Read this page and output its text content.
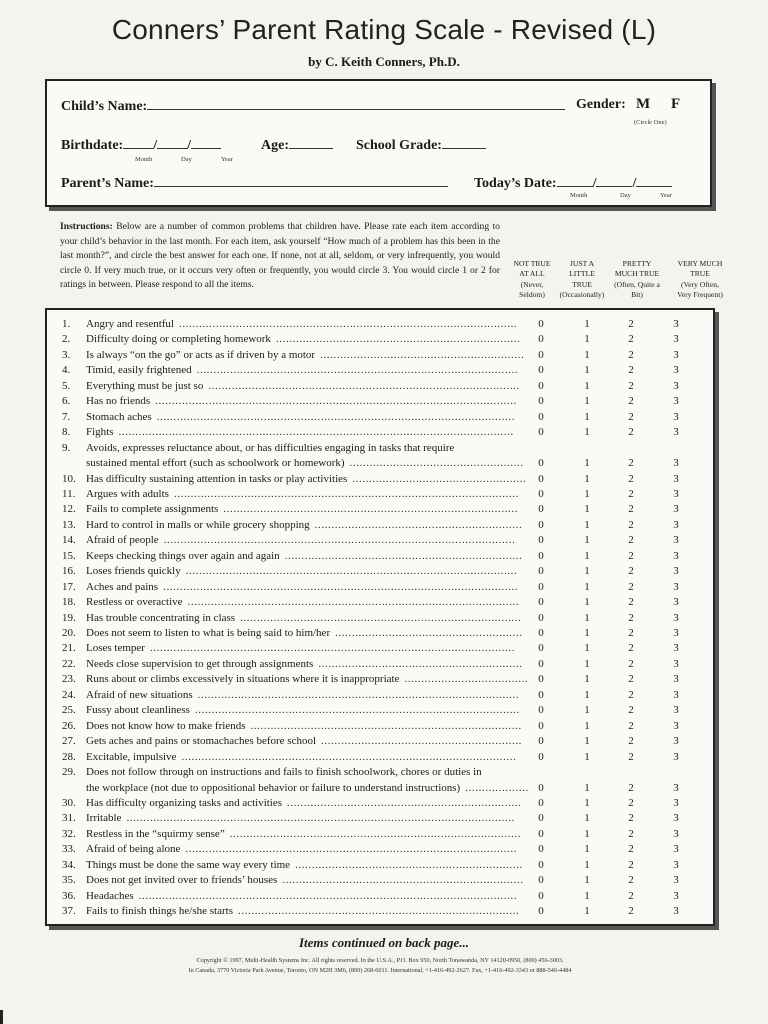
Conners’ Parent Rating Scale - Revised (L)
by C. Keith Conners, Ph.D.
Child’s Name:	Gender: M F
(Circle One)
Birthdate: / /
Month	Day	Year
Age:	School Grade:
Parent’s Name:	Today’s Date:	/	/
Month	Day	Year
Instructions: Below are a number of common problems that children have. Please rate each item according to your child’s behavior in the last month. For each item, ask yourself “How much of a problem has this been in the last month?”, and circle the best answer for each one. If none, not at all, seldom, or very infrequently, you would circle 0. If very much true, or it occurs very often or frequently, you would circle 3. You would circle 1 or 2 for ratings in between. Please respond to all the items.
NOT TRUE
AT ALL
(Never,
Seldom)
JUST A
LITTLE
TRUE
(Occasionally)
PRETTY
MUCH TRUE
(Often, Quite a
Bit)
VERY MUCH
TRUE
(Very Often,
Very Frequent)
1. Angry and resentful .....................................................................................................	0	1	2	3
2. Difficulty doing or completing homework .........................................................................	0	1	2	3
3. Is always “on the go” or acts as if driven by a motor .............................................................	0	1	2	3
4. Timid, easily frightened ................................................................................................	0	1	2	3
5. Everything must be just so .............................................................................................	0	1	2	3
6. Has no friends ............................................................................................................	0	1	2	3
7. Stomach aches ...........................................................................................................	0	1	2	3
8. Fights ......................................................................................................................	0	1	2	3
9. Avoids, expresses reluctance about, or has difficulties engaging in tasks that require
sustained mental effort (such as schoolwork or homework) ....................................................	0	1	2	3
10. Has difficulty sustaining attention in tasks or play activities ....................................................	0	1	2	3
11. Argues with adults .......................................................................................................	0	1	2	3
12. Fails to complete assignments ........................................................................................	0	1	2	3
13. Hard to control in malls or while grocery shopping ..............................................................	0	1	2	3
14. Afraid of people .........................................................................................................	0	1	2	3
15. Keeps checking things over again and again .......................................................................	0	1	2	3
16. Loses friends quickly ...................................................................................................	0	1	2	3
17. Aches and pains ..........................................................................................................	0	1	2	3
18. Restless or overactive ...................................................................................................	0	1	2	3
19. Has trouble concentrating in class ....................................................................................	0	1	2	3
20. Does not seem to listen to what is being said to him/her ........................................................	0	1	2	3
21. Loses temper .............................................................................................................	0	1	2	3
22. Needs close supervision to get through assignments .............................................................	0	1	2	3
23. Runs about or climbs excessively in situations where it is inappropriate ..................................... 0	1	2	3
24. Afraid of new situations ................................................................................................	0	1	2	3
25. Fussy about cleanliness .................................................................................................	0	1	2	3
26. Does not know how to make friends .................................................................................	0	1	2	3
27. Gets aches and pains or stomachaches before school ............................................................	0	1	2	3
28. Excitable, impulsive ....................................................................................................	0	1	2	3
29. Does not follow through on instructions and fails to finish schoolwork, chores or duties in
the workplace (not due to oppositional behavior or failure to understand instructions) ................... 0	1	2	3
30. Has difficulty organizing tasks and activities ......................................................................	0	1	2	3
31. Irritable ....................................................................................................................	0	1	2	3
32. Restless in the “squirmy sense” .......................................................................................	0	1	2	3
33. Afraid of being alone ...................................................................................................	0	1	2	3
34. Things must be done the same way every time ....................................................................	0	1	2	3
35. Does not get invited over to friends’ houses ........................................................................	0	1	2	3
36. Headaches .................................................................................................................	0	1	2	3
37. Fails to finish things he/she starts ....................................................................................	0	1	2	3
Items continued on back page...
Copyright © 1997, Multi-Health Systems Inc. All rights reserved. In the U.S.A., P.O. Box 950, North Tonawanda, NY 14120-0950, (800) 456-3003.
In Canada, 3770 Victoria Park Avenue, Toronto, ON M2H 3M6, (800) 268-6011. International, +1-416-492-2627. Fax, +1-416-492-3343 or 888-540-4484
